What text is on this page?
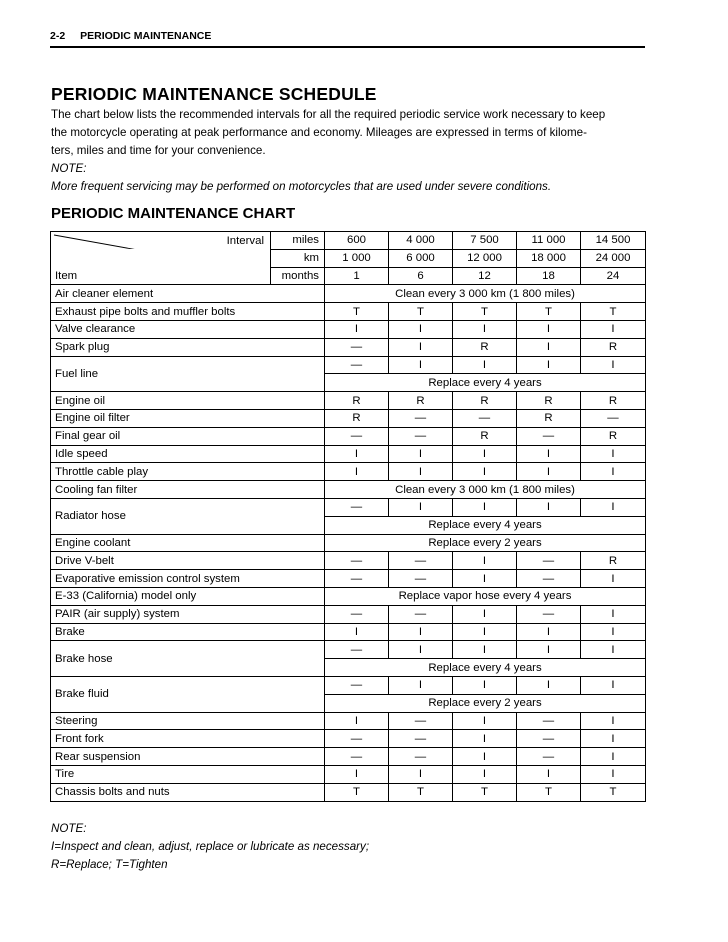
2-2 PERIODIC MAINTENANCE
PERIODIC MAINTENANCE SCHEDULE

The chart below lists the recommended intervals for all the required periodic service work necessary to keep

the motorcycle operating at peak performance and economy. Mileages are expressed in terms of kilome-

ters, miles and time for your convenience.

NOTE:

More frequent servicing may be performed on motorcycles that are used under severe conditions.

PERIODIC MAINTENANCE CHART
Interval	miles	600	4 000	7 500	11 000	14 500
	km	1 000	6 000	12 000	18 000	24 000
Item	months	1	6	12	18	24
Air cleaner element		Clean every 3 000 km (1 800 miles)				
Exhaust pipe bolts and muffler bolts		T	T	T	T	T
Valve clearance		I	I	I	I	I
Spark plug		—	I	R	I	R
Fuel line		—	I	I	I	I
		Replace every 4 years				
Engine oil		R	R	R	R	R
Engine oil filter		R	—	—	R	—
Final gear oil		—	—	R	—	R
Idle speed		I	I	I	I	I
Throttle cable play		I	I	I	I	I
Cooling fan filter		Clean every 3 000 km (1 800 miles)				
Radiator hose		—	I	I	I	I
		Replace every 4 years				
Engine coolant		Replace every 2 years				
Drive V-belt		—	—	I	—	R
Evaporative emission control system		—	—	I	—	I
E-33 (California) model only		Replace vapor hose every 4 years				
PAIR (air supply) system		—	—	I	—	I
Brake		I	I	I	I	I
Brake hose		—	I	I	I	I
		Replace every 4 years				
Brake fluid		—	I	I	I	I
		Replace every 2 years				
Steering		I	—	I	—	I
Front fork		—	—	I	—	I
Rear suspension		—	—	I	—	I
Tire		I	I	I	I	I
Chassis bolts and nuts		T	T	T	T	T
NOTE:
I=Inspect and clean, adjust, replace or lubricate as necessary;
R=Replace; T=Tighten
